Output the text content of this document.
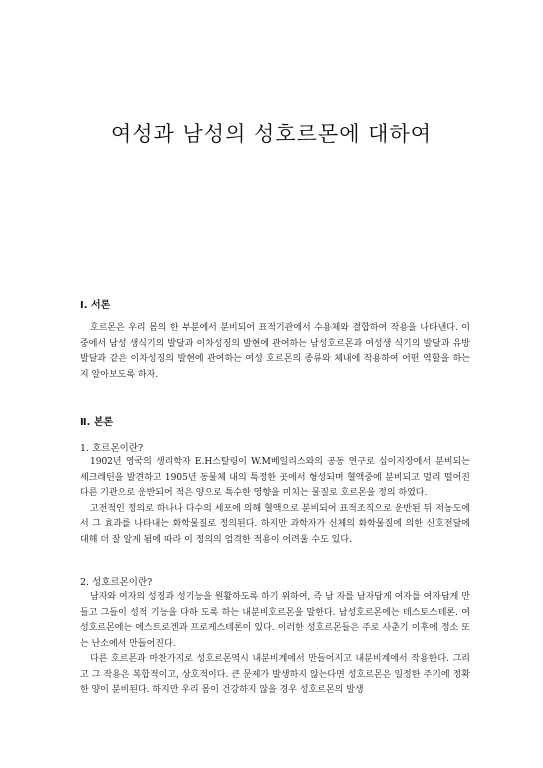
여성과 남성의 성호르몬에 대하여
Ⅰ. 서론

호르몬은 우리 몸의 한 부분에서 분비되어 표적기관에서 수용체와 결합하여 작용을 나타낸다. 이 중에서 남성 생식기의 발달과 이차성징의 발현에 관여하는 남성호르몬과 여성생 식기의 발달과 유방 발달과 같은 이차성징의 발현에 관여하는 여성 호르몬의 종류와 체내에 작용하여 어떤 역할을 하는지 알아보도록 하자.

Ⅱ. 본론
1. 호르몬이란?

1902년 영국의 생리학자 E.H스탈링이 W.M베일리스와의 공동 연구로 십이지장에서 분비되는 세크레틴을 발견하고 1905년 동물체 내의 특정한 곳에서 형성되며 혈액중에 분비되고 멀리 떨어진 다른 기관으로 운반되어 적은 양으로 특수한 영향을 미치는 물질로 호르몬을 정의 하였다.

고전적인 정의로 하나나 다수의 세포에 의해 혈액으로 분비되어 표적조직으로 운반된 뒤 저농도에서 그 효과를 나타내는 화학물질로 정의된다. 하지만 과학자가 신체의 화학물질에 의한 신호전달에 대해 더 잘 알게 됨에 따라 이 정의의 엄격한 적용이 어려울 수도 있다.

2. 성호르몬이란?

남자와 여자의 성징과 성기능을 원활하도록 하기 위하여, 즉 남 자를 남자답게 여자를 여자답게 만들고 그들이 성적 기능을 다하 도록 하는 내분비호르몬을 말한다. 남성호르몬에는 테스토스테론. 여성호르몬에는 에스트로겐과 프로게스테론이 있다. 이러한 성호르몬들은 주로 사춘기 이후에 정소 또는 난소에서 만들어진다.

다른 호르몬과 마찬가지로 성호르몬역시 내분비계에서 만들어지고 내분비계에서 작용한다. 그리고 그 작용은 복합적이고, 상호적이다. 큰 문제가 발생하지 않는다면 성호르몬은 일정한 주기에 정확한 양이 분비된다. 하지만 우리 몸이 건강하지 않을 경우 성호르몬의 발생
